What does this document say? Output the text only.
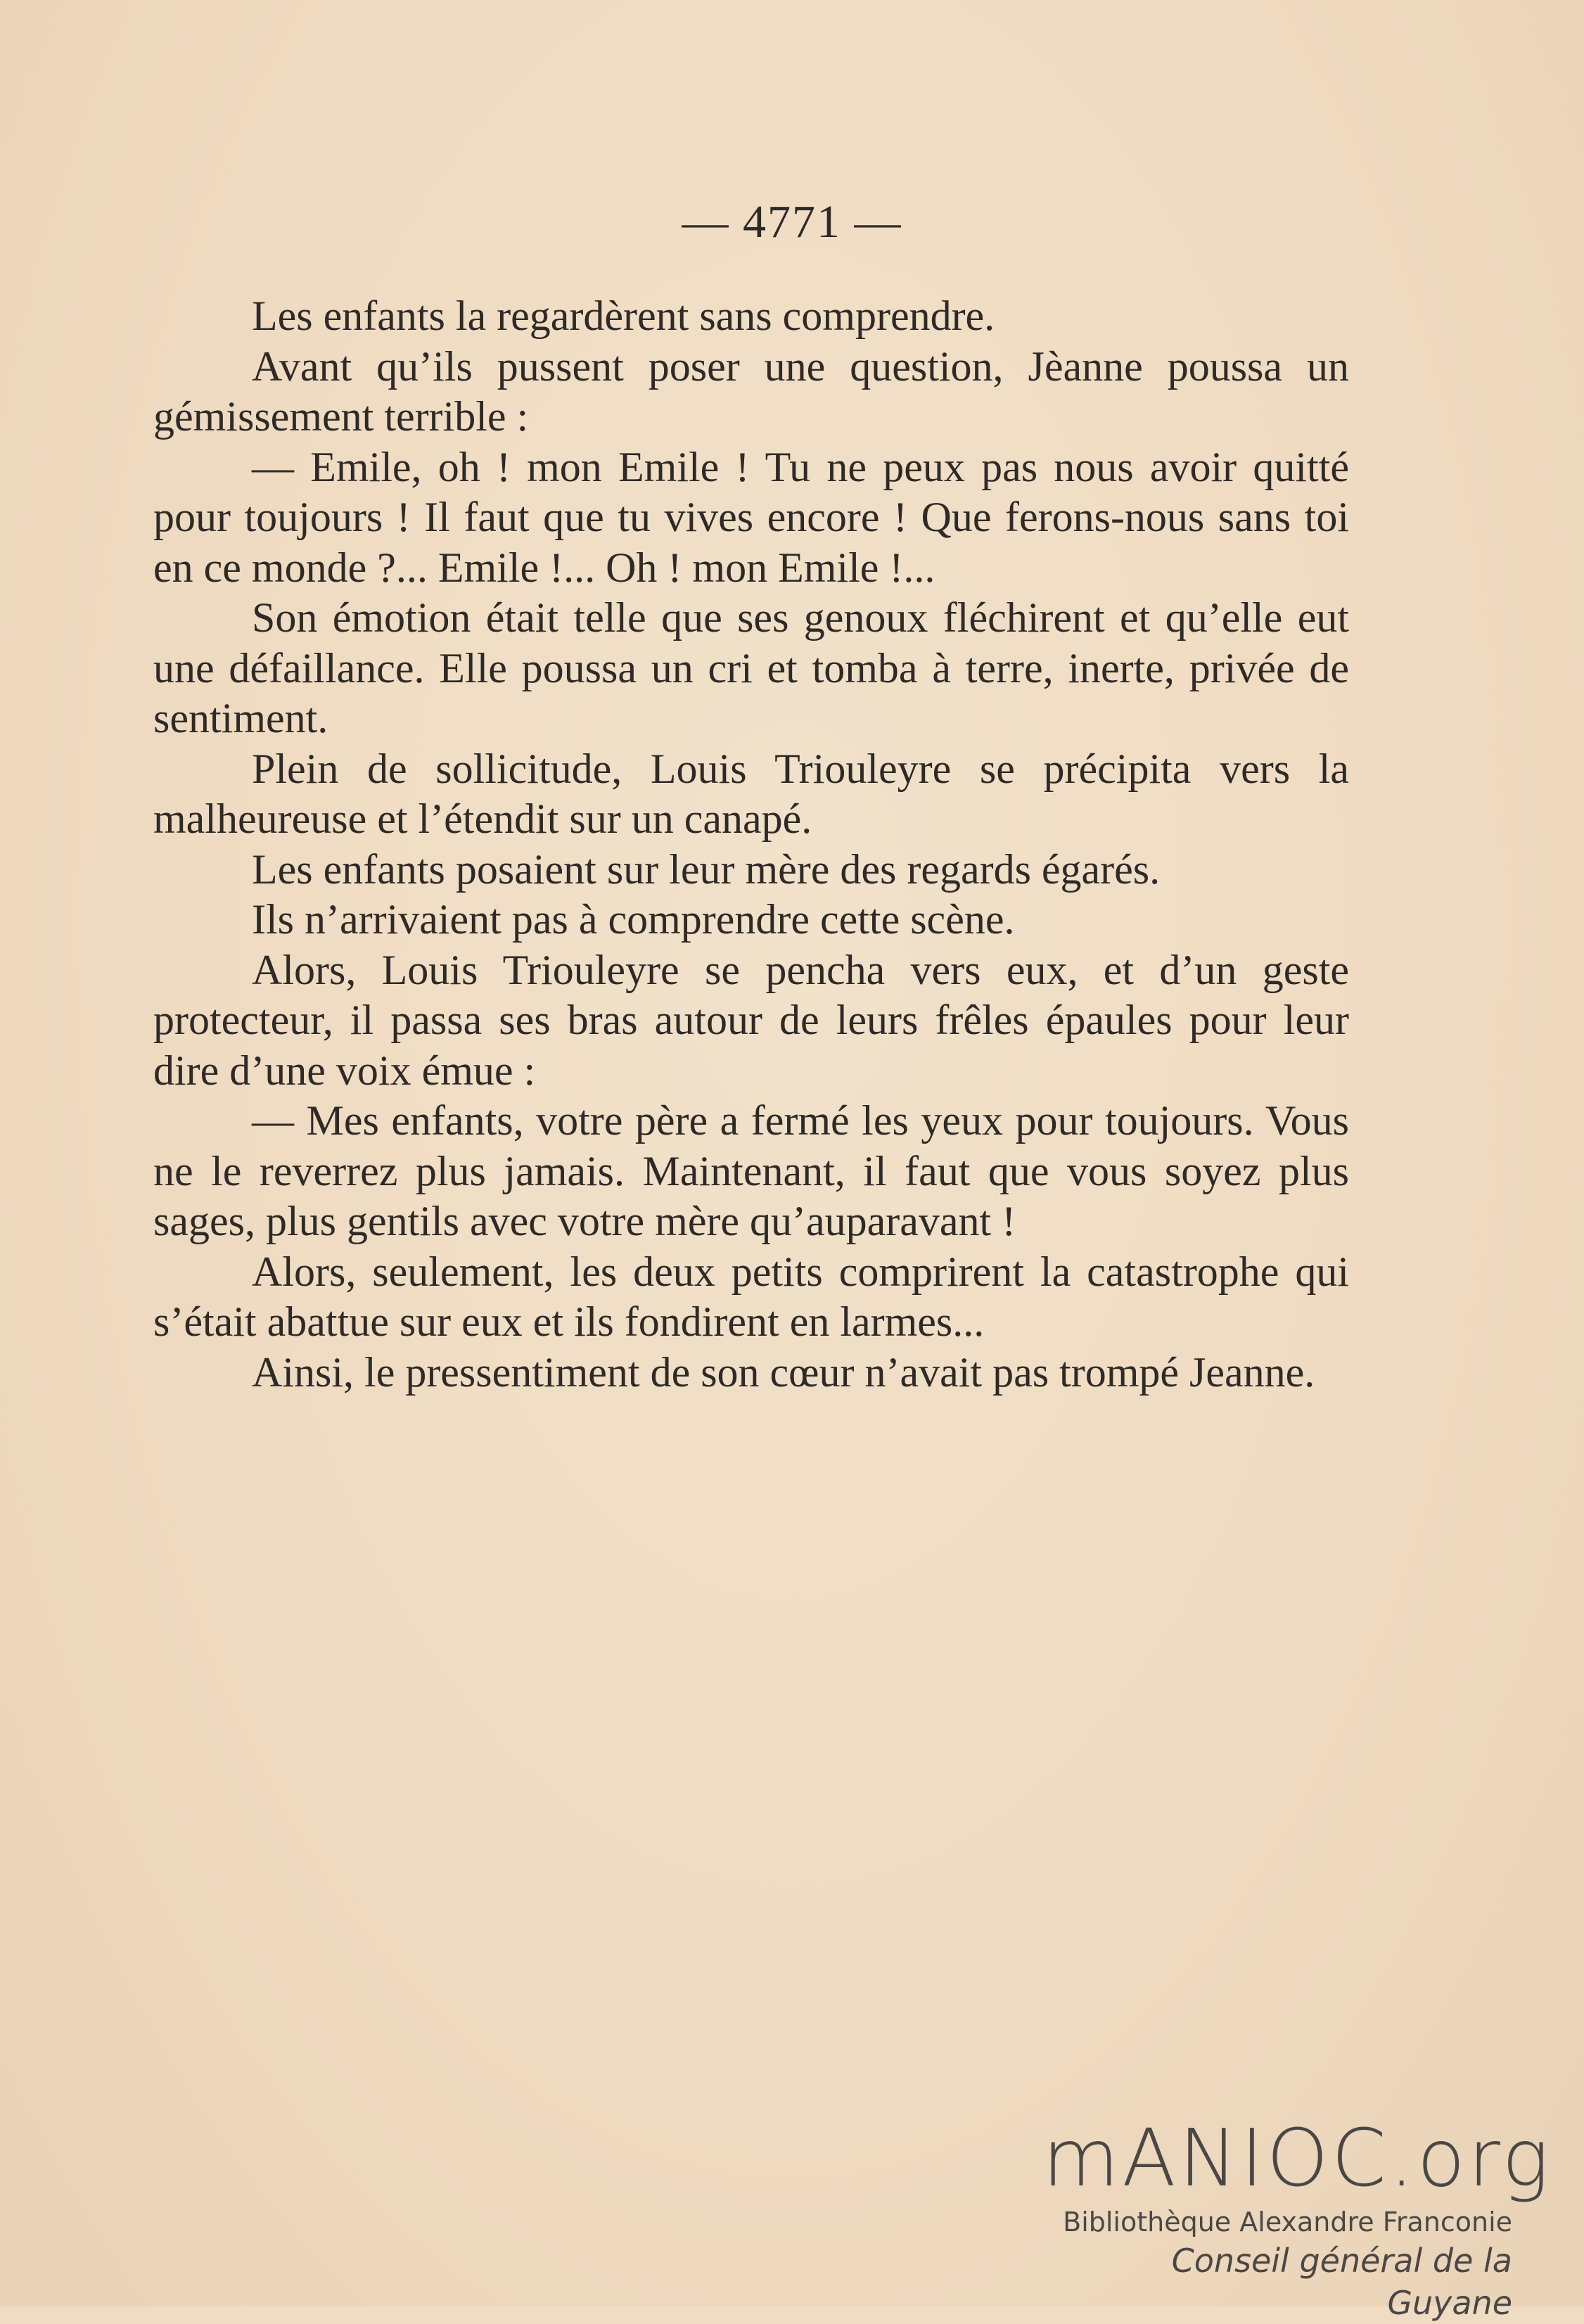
— 4771 —

Les enfants la regardèrent sans comprendre.

Avant qu’ils pussent poser une question, Jèanne poussa un gémissement terrible :

— Emile, oh ! mon Emile ! Tu ne peux pas nous avoir quitté pour toujours ! Il faut que tu vives encore ! Que ferons-nous sans toi en ce monde ?... Emile !... Oh ! mon Emile !...

Son émotion était telle que ses genoux fléchirent et qu’elle eut une défaillance. Elle poussa un cri et tomba à terre, inerte, privée de sentiment.

Plein de sollicitude, Louis Triouleyre se précipita vers la malheureuse et l’étendit sur un canapé.

Les enfants posaient sur leur mère des regards égarés.

Ils n’arrivaient pas à comprendre cette scène.

Alors, Louis Triouleyre se pencha vers eux, et d’un geste protecteur, il passa ses bras autour de leurs frêles épaules pour leur dire d’une voix émue :

— Mes enfants, votre père a fermé les yeux pour toujours. Vous ne le reverrez plus jamais. Maintenant, il faut que vous soyez plus sages, plus gentils avec votre mère qu’auparavant !

Alors, seulement, les deux petits comprirent la catastrophe qui s’était abattue sur eux et ils fondirent en larmes...

Ainsi, le pressentiment de son cœur n’avait pas trompé Jeanne.

mANIOC.org
Bibliothèque Alexandre Franconie
Conseil général de la Guyane
